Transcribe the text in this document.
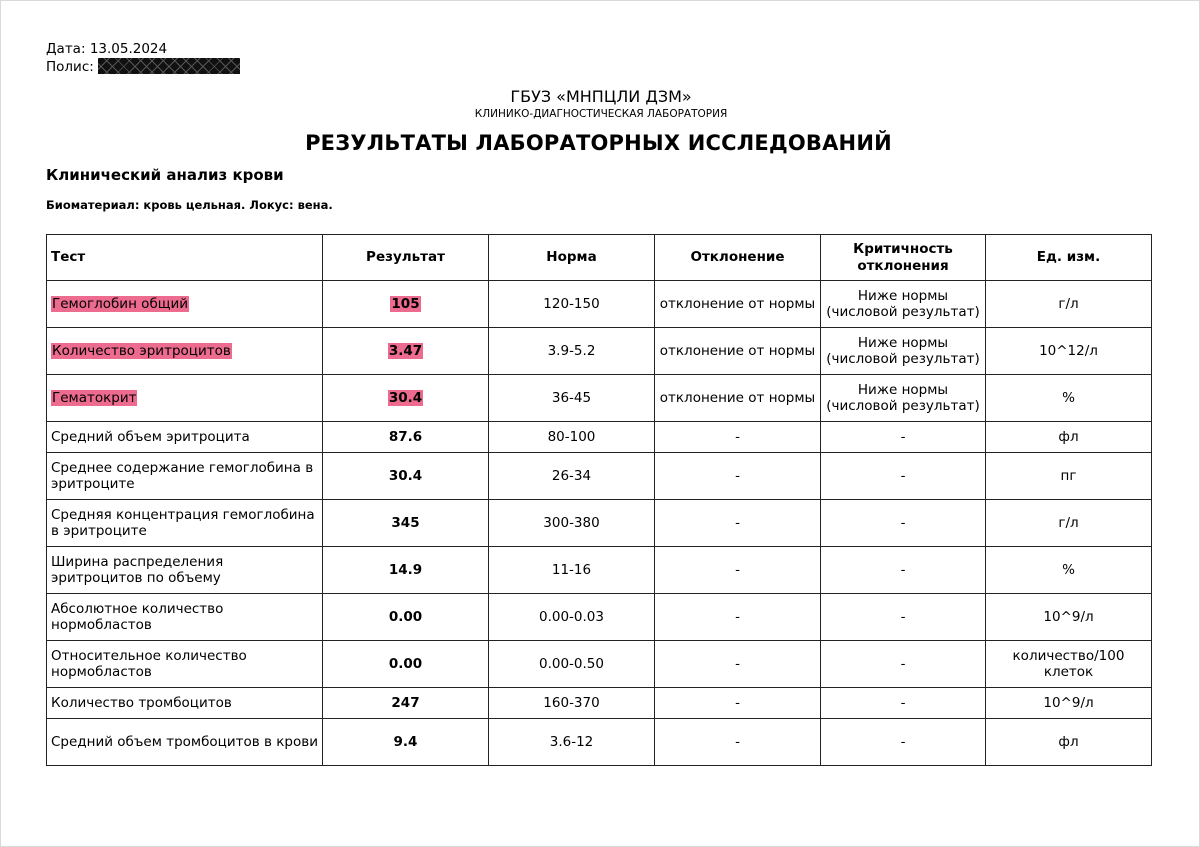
Дата: 13.05.2024
Полис:
ГБУЗ «МНПЦЛИ ДЗМ»
КЛИНИКО-ДИАГНОСТИЧЕСКАЯ ЛАБОРАТОРИЯ
РЕЗУЛЬТАТЫ ЛАБОРАТОРНЫХ ИССЛЕДОВАНИЙ
Клинический анализ крови
Биоматериал: кровь цельная. Локус: вена.
Тест	Результат	Норма	Отклонение	Критичность отклонения	Ед. изм.
Гемоглобин общий	105	120-150	отклонение от нормы	Ниже нормы (числовой результат)	г/л
Количество эритроцитов	3.47	3.9-5.2	отклонение от нормы	Ниже нормы (числовой результат)	10^12/л
Гематокрит	30.4	36-45	отклонение от нормы	Ниже нормы (числовой результат)	%
Средний объем эритроцита	87.6	80-100	-	-	фл
Среднее содержание гемоглобина в эритроците	30.4	26-34	-	-	пг
Средняя концентрация гемоглобина в эритроците	345	300-380	-	-	г/л
Ширина распределения эритроцитов по объему	14.9	11-16	-	-	%
Абсолютное количество нормобластов	0.00	0.00-0.03	-	-	10^9/л
Относительное количество нормобластов	0.00	0.00-0.50	-	-	количество/100 клеток
Количество тромбоцитов	247	160-370	-	-	10^9/л
Средний объем тромбоцитов в крови	9.4	3.6-12	-	-	фл
